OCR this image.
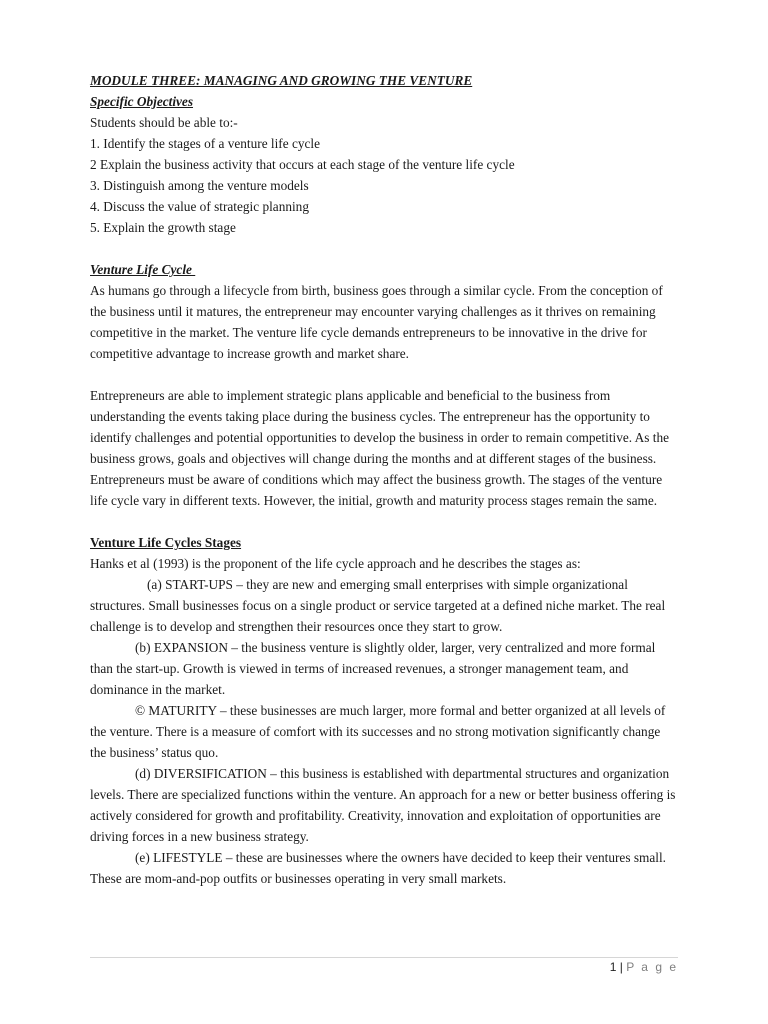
MODULE THREE: MANAGING AND GROWING THE VENTURE

Specific Objectives

Students should be able to:-

1. Identify the stages of a venture life cycle

2 Explain the business activity that occurs at each stage of the venture life cycle

3. Distinguish among the venture models

4. Discuss the value of strategic planning

5. Explain the growth stage

Venture Life Cycle

As humans go through a lifecycle from birth, business goes through a similar cycle. From the conception of the business until it matures, the entrepreneur may encounter varying challenges as it thrives on remaining competitive in the market. The venture life cycle demands entrepreneurs to be innovative in the drive for competitive advantage to increase growth and market share.

Entrepreneurs are able to implement strategic plans applicable and beneficial to the business from understanding the events taking place during the business cycles. The entrepreneur has the opportunity to identify challenges and potential opportunities to develop the business in order to remain competitive. As the business grows, goals and objectives will change during the months and at different stages of the business.

Entrepreneurs must be aware of conditions which may affect the business growth. The stages of the venture life cycle vary in different texts. However, the initial, growth and maturity process stages remain the same.

Venture Life Cycles Stages

Hanks et al (1993) is the proponent of the life cycle approach and he describes the stages as:

(a) START-UPS – they are new and emerging small enterprises with simple organizational structures. Small businesses focus on a single product or service targeted at a defined niche market. The real challenge is to develop and strengthen their resources once they start to grow.

(b) EXPANSION – the business venture is slightly older, larger, very centralized and more formal than the start-up. Growth is viewed in terms of increased revenues, a stronger management team, and dominance in the market.

© MATURITY – these businesses are much larger, more formal and better organized at all levels of the venture. There is a measure of comfort with its successes and no strong motivation significantly change the business’ status quo.

(d) DIVERSIFICATION – this business is established with departmental structures and organization levels. There are specialized functions within the venture. An approach for a new or better business offering is actively considered for growth and profitability. Creativity, innovation and exploitation of opportunities are driving forces in a new business strategy.

(e) LIFESTYLE – these are businesses where the owners have decided to keep their ventures small. These are mom-and-pop outfits or businesses operating in very small markets.

1 | P a g e
